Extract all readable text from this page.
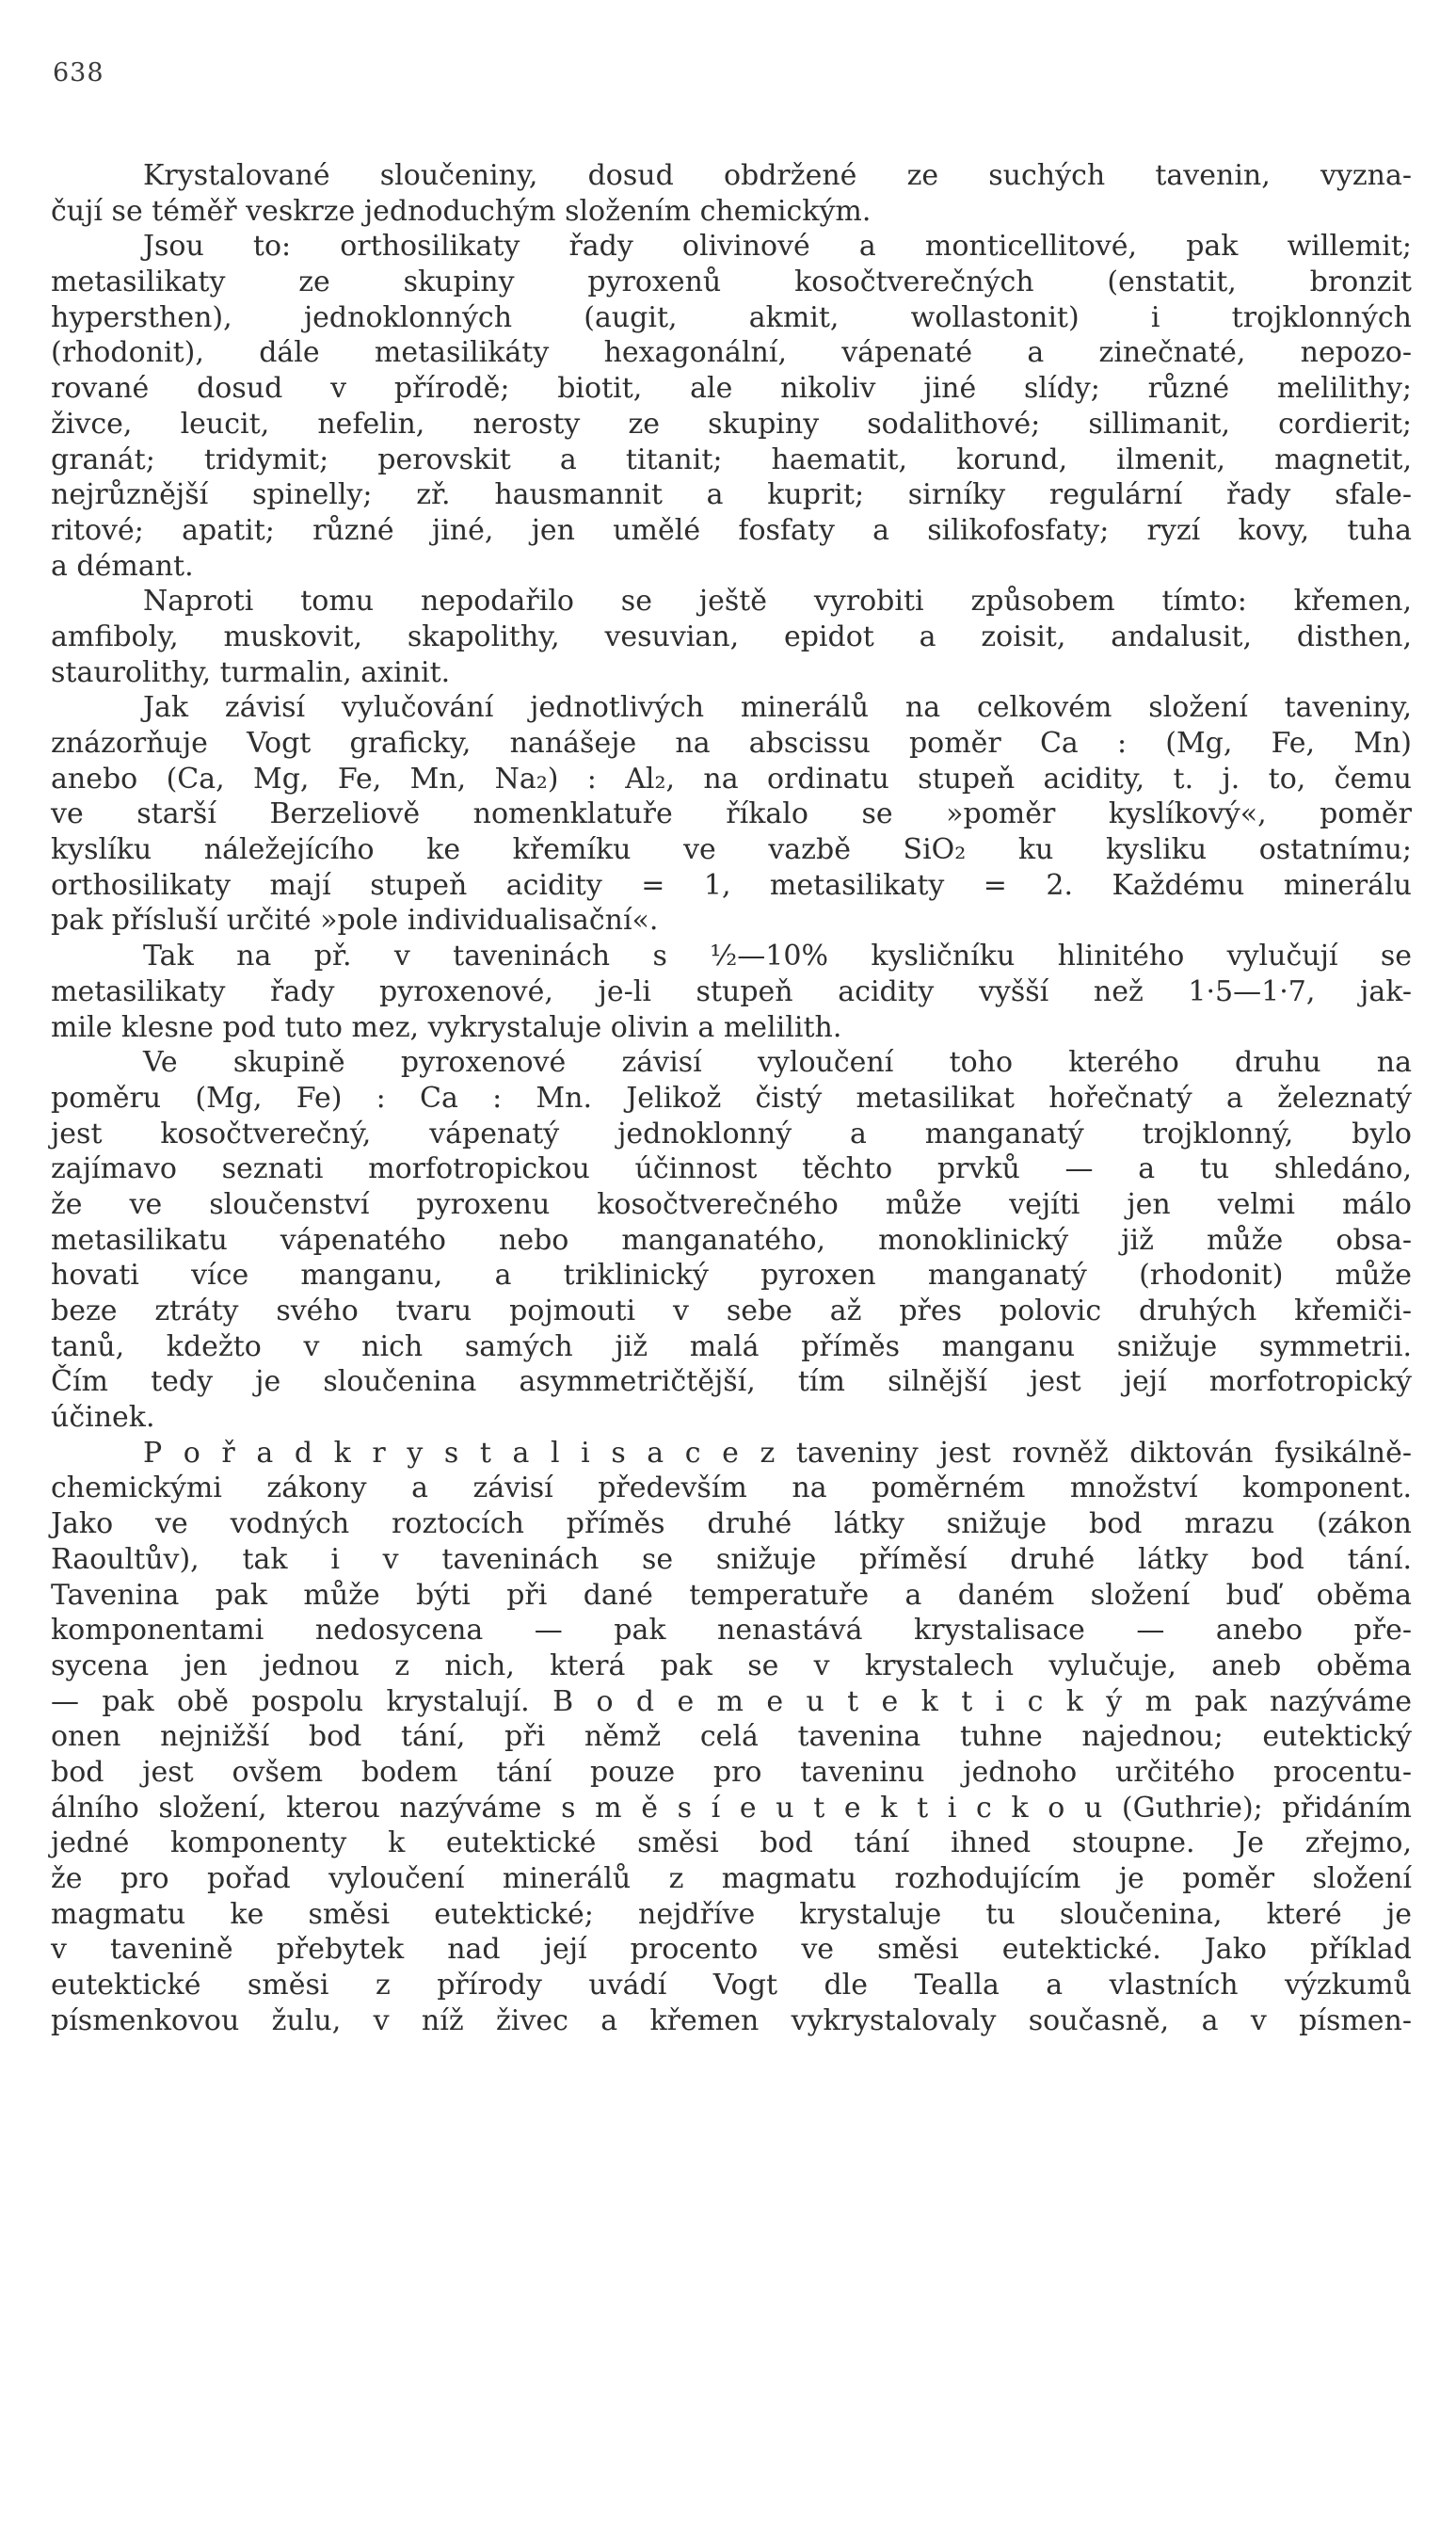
638
Krystalované sloučeniny, dosud obdržené ze suchých tavenin, vyzna-
čují se téměř veskrze jednoduchým složením chemickým.
Jsou to: orthosilikaty řady olivinové a monticellitové, pak willemit;
metasilikaty ze skupiny pyroxenů kosočtverečných (enstatit, bronzit
hypersthen), jednoklonných (augit, akmit, wollastonit) i trojklonných
(rhodonit), dále metasilikáty hexagonální, vápenaté a zinečnaté, nepozo-
rované dosud v přírodě; biotit, ale nikoliv jiné slídy; různé melilithy;
živce, leucit, nefelin, nerosty ze skupiny sodalithové; sillimanit, cordierit;
granát; tridymit; perovskit a titanit; haematit, korund, ilmenit, magnetit,
nejrůznější spinelly; zř. hausmannit a kuprit; sirníky regulární řady sfale-
ritové; apatit; různé jiné, jen umělé fosfaty a silikofosfaty; ryzí kovy, tuha
a démant.
Naproti tomu nepodařilo se ještě vyrobiti způsobem tímto: křemen,
amfiboly, muskovit, skapolithy, vesuvian, epidot a zoisit, andalusit, disthen,
staurolithy, turmalin, axinit.
Jak závisí vylučování jednotlivých minerálů na celkovém složení taveniny,
znázorňuje Vogt graficky, nanášeje na abscissu poměr Ca : (Mg, Fe, Mn)
anebo (Ca, Mg, Fe, Mn, Na₂) : Al₂, na ordinatu stupeň acidity, t. j. to, čemu
ve starší Berzeliově nomenklatuře říkalo se »poměr kyslíkový«, poměr
kyslíku náležejícího ke křemíku ve vazbě SiO₂ ku kysliku ostatnímu;
orthosilikaty mají stupeň acidity = 1, metasilikaty = 2. Každému minerálu
pak přísluší určité »pole individualisační«.
Tak na př. v taveninách s ½—10% kysličníku hlinitého vylučují se
metasilikaty řady pyroxenové, je-li stupeň acidity vyšší než 1·5—1·7, jak-
mile klesne pod tuto mez, vykrystaluje olivin a melilith.
Ve skupině pyroxenové závisí vyloučení toho kterého druhu na
poměru (Mg, Fe) : Ca : Mn. Jelikož čistý metasilikat hořečnatý a železnatý
jest kosočtverečný, vápenatý jednoklonný a manganatý trojklonný, bylo
zajímavo seznati morfotropickou účinnost těchto prvků — a tu shledáno,
že ve sloučenství pyroxenu kosočtverečného může vejíti jen velmi málo
metasilikatu vápenatého nebo manganatého, monoklinický již může obsa-
hovati více manganu, a triklinický pyroxen manganatý (rhodonit) může
beze ztráty svého tvaru pojmouti v sebe až přes polovic druhých křemiči-
tanů, kdežto v nich samých již malá příměs manganu snižuje symmetrii.
Čím tedy je sloučenina asymmetričtější, tím silnější jest její morfotropický
účinek.
P o ř a d k r y s t a l i s a c e z taveniny jest rovněž diktován fysikálně-
chemickými zákony a závisí především na poměrném množství komponent.
Jako ve vodných roztocích příměs druhé látky snižuje bod mrazu (zákon
Raoultův), tak i v taveninách se snižuje příměsí druhé látky bod tání.
Tavenina pak může býti při dané temperatuře a daném složení buď oběma
komponentami nedosycena — pak nenastává krystalisace — anebo pře-
sycena jen jednou z nich, která pak se v krystalech vylučuje, aneb oběma
— pak obě pospolu krystalují. B o d e m e u t e k t i c k ý m pak nazýváme
onen nejnižší bod tání, při němž celá tavenina tuhne najednou; eutektický
bod jest ovšem bodem tání pouze pro taveninu jednoho určitého procentu-
álního složení, kterou nazýváme s m ě s í e u t e k t i c k o u (Guthrie); přidáním
jedné komponenty k eutektické směsi bod tání ihned stoupne. Je zřejmo,
že pro pořad vyloučení minerálů z magmatu rozhodujícím je poměr složení
magmatu ke směsi eutektické; nejdříve krystaluje tu sloučenina, které je
v tavenině přebytek nad její procento ve směsi eutektické. Jako příklad
eutektické směsi z přírody uvádí Vogt dle Tealla a vlastních výzkumů
písmenkovou žulu, v níž živec a křemen vykrystalovaly současně, a v písmen-
